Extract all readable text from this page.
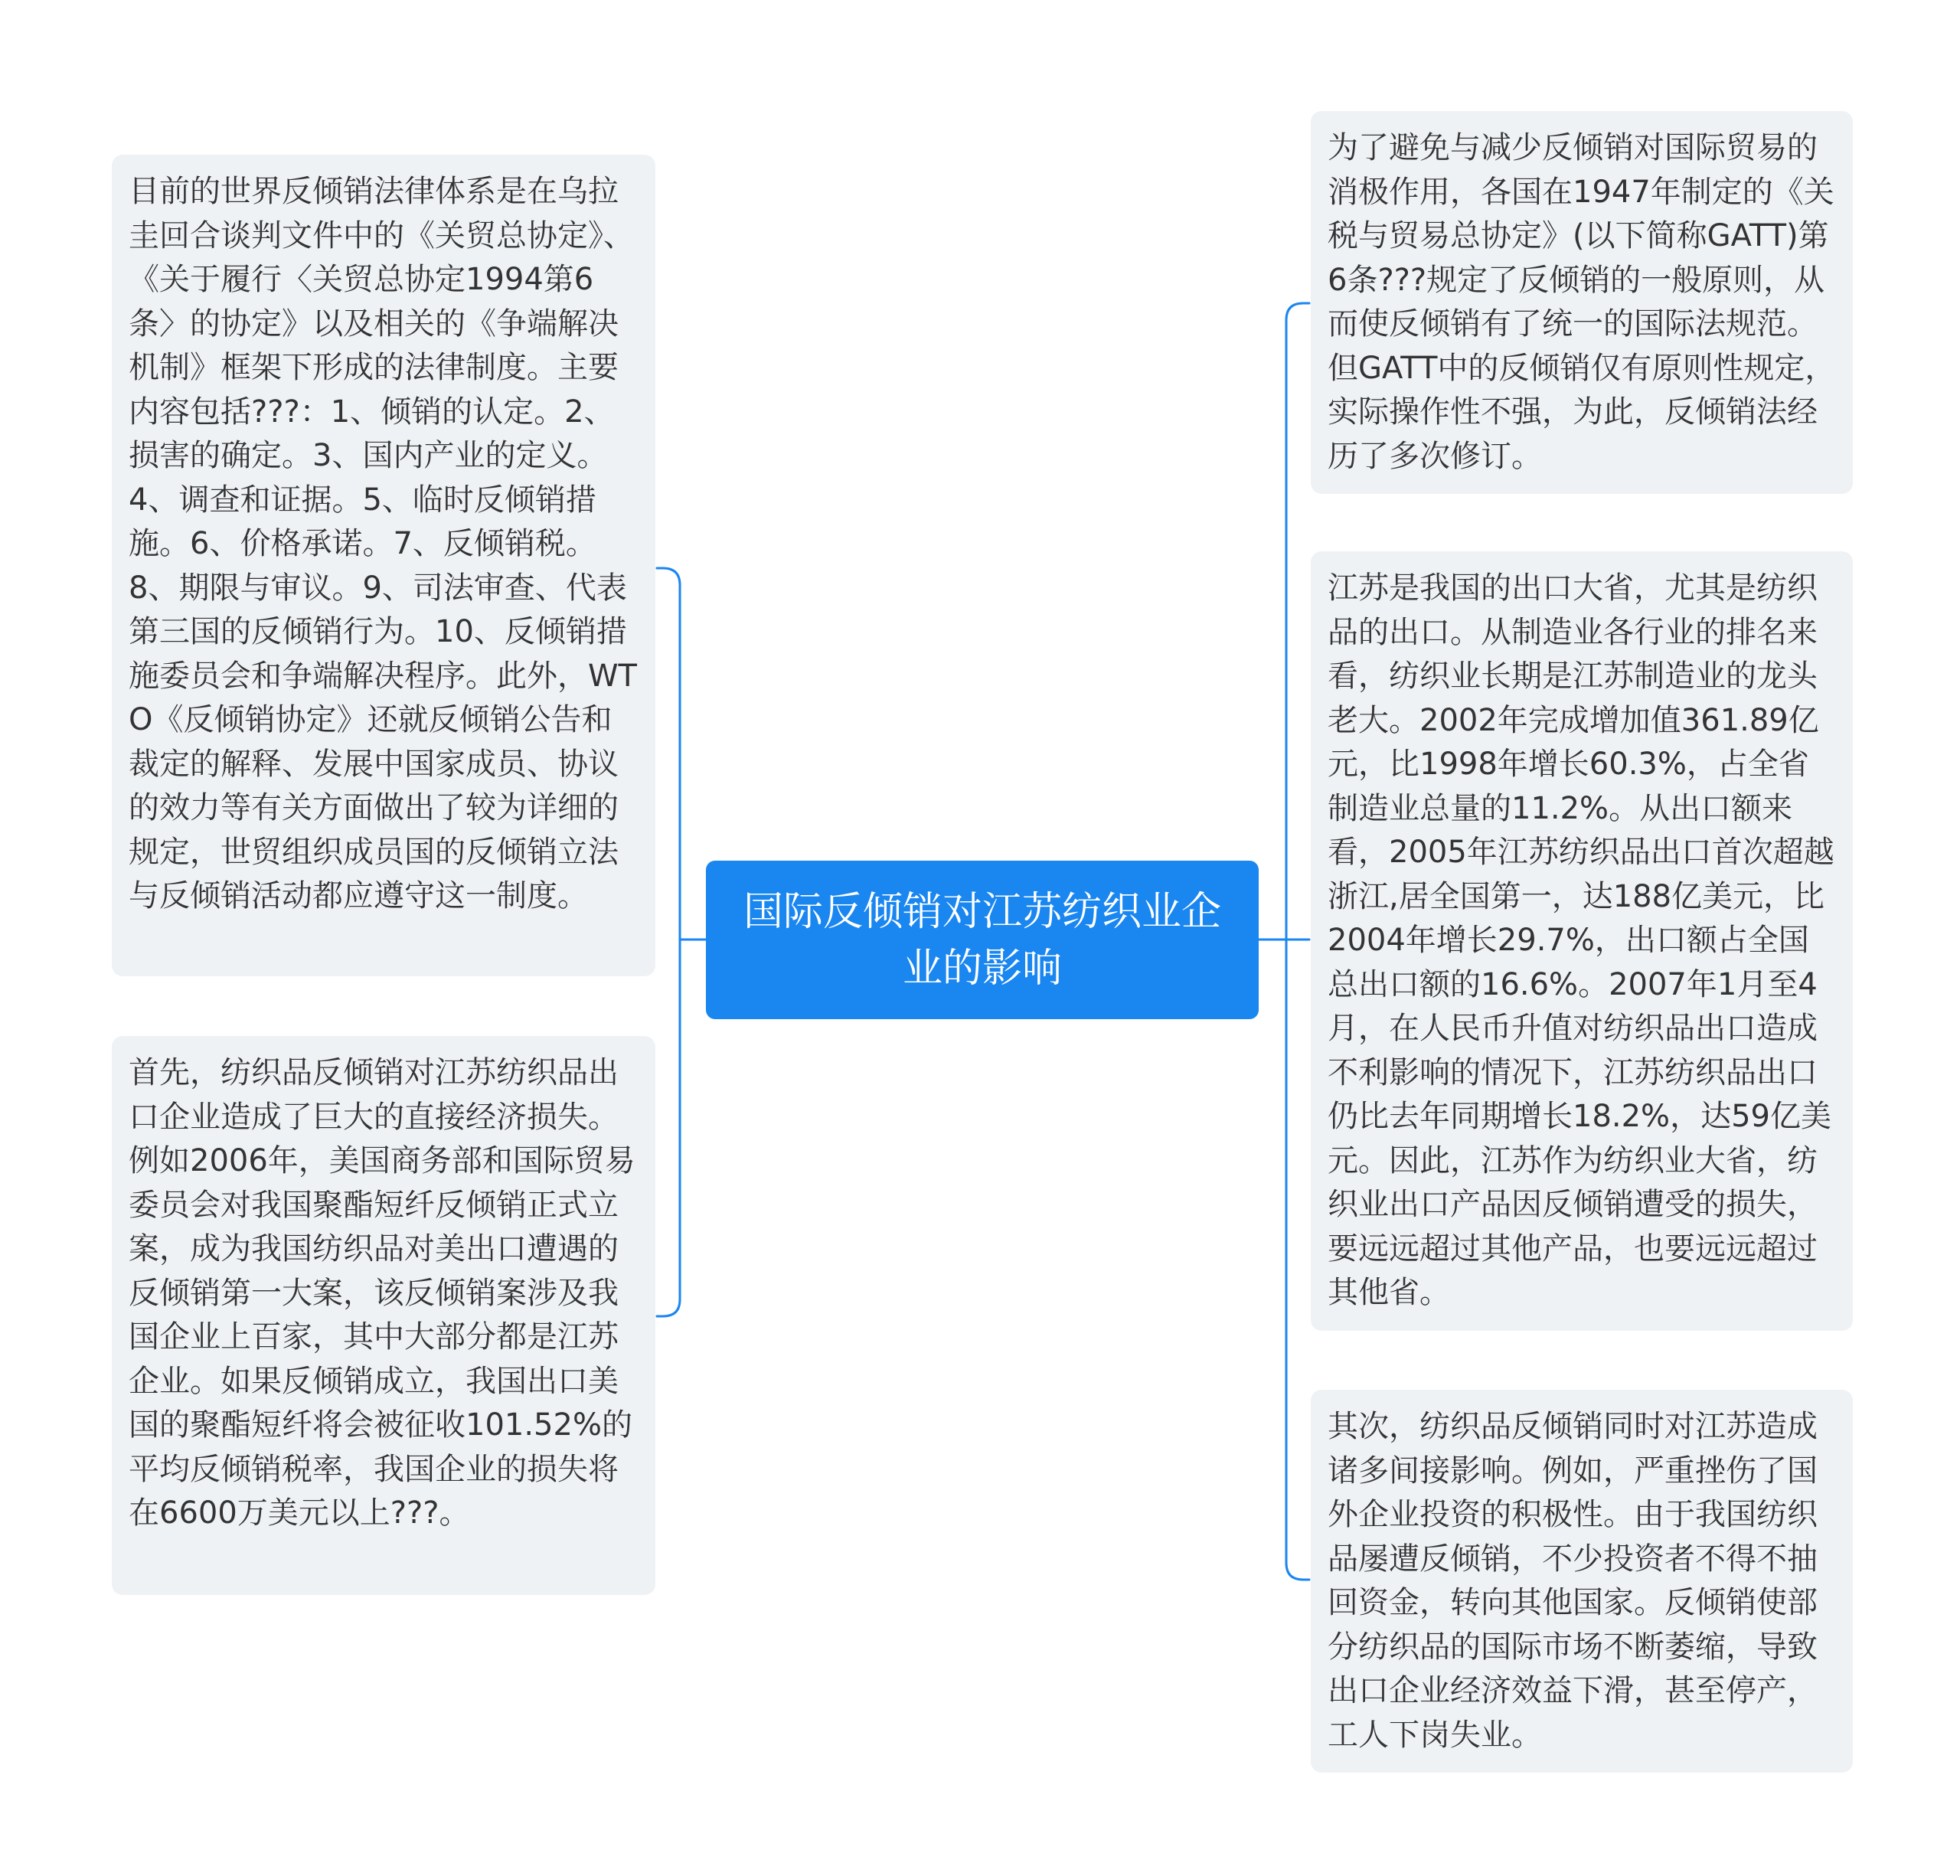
国际反倾销对江苏纺织业企业的影响
目前的世界反倾销法律体系是在乌拉圭回合谈判文件中的《关贸总协定》、《关于履行〈关贸总协定1994第6条〉的协定》以及相关的《争端解决机制》框架下形成的法律制度。主要内容包括???：1、倾销的认定。2、损害的确定。3、国内产业的定义。4、调查和证据。5、临时反倾销措施。6、价格承诺。7、反倾销税。8、期限与审议。9、司法审查、代表第三国的反倾销行为。10、反倾销措施委员会和争端解决程序。此外，WTO《反倾销协定》还就反倾销公告和裁定的解释、发展中国家成员、协议的效力等有关方面做出了较为详细的规定，世贸组织成员国的反倾销立法与反倾销活动都应遵守这一制度。
首先，纺织品反倾销对江苏纺织品出口企业造成了巨大的直接经济损失。例如2006年，美国商务部和国际贸易委员会对我国聚酯短纤反倾销正式立案，成为我国纺织品对美出口遭遇的反倾销第一大案，该反倾销案涉及我国企业上百家，其中大部分都是江苏企业。如果反倾销成立，我国出口美国的聚酯短纤将会被征收101.52%的平均反倾销税率，我国企业的损失将在6600万美元以上???。
为了避免与减少反倾销对国际贸易的消极作用，各国在1947年制定的《关税与贸易总协定》(以下简称GATT)第6条???规定了反倾销的一般原则，从而使反倾销有了统一的国际法规范。但GATT中的反倾销仅有原则性规定，实际操作性不强，为此，反倾销法经历了多次修订。
江苏是我国的出口大省，尤其是纺织品的出口。从制造业各行业的排名来看，纺织业长期是江苏制造业的龙头老大。2002年完成增加值361.89亿元，比1998年增长60.3%，占全省制造业总量的11.2%。从出口额来看，2005年江苏纺织品出口首次超越浙江,居全国第一，达188亿美元，比2004年增长29.7%，出口额占全国总出口额的16.6%。2007年1月至4月，在人民币升值对纺织品出口造成不利影响的情况下，江苏纺织品出口仍比去年同期增长18.2%，达59亿美元。因此，江苏作为纺织业大省，纺织业出口产品因反倾销遭受的损失，要远远超过其他产品，也要远远超过其他省。
其次，纺织品反倾销同时对江苏造成诸多间接影响。例如，严重挫伤了国外企业投资的积极性。由于我国纺织品屡遭反倾销，不少投资者不得不抽回资金，转向其他国家。反倾销使部分纺织品的国际市场不断萎缩，导致出口企业经济效益下滑，甚至停产，工人下岗失业。
